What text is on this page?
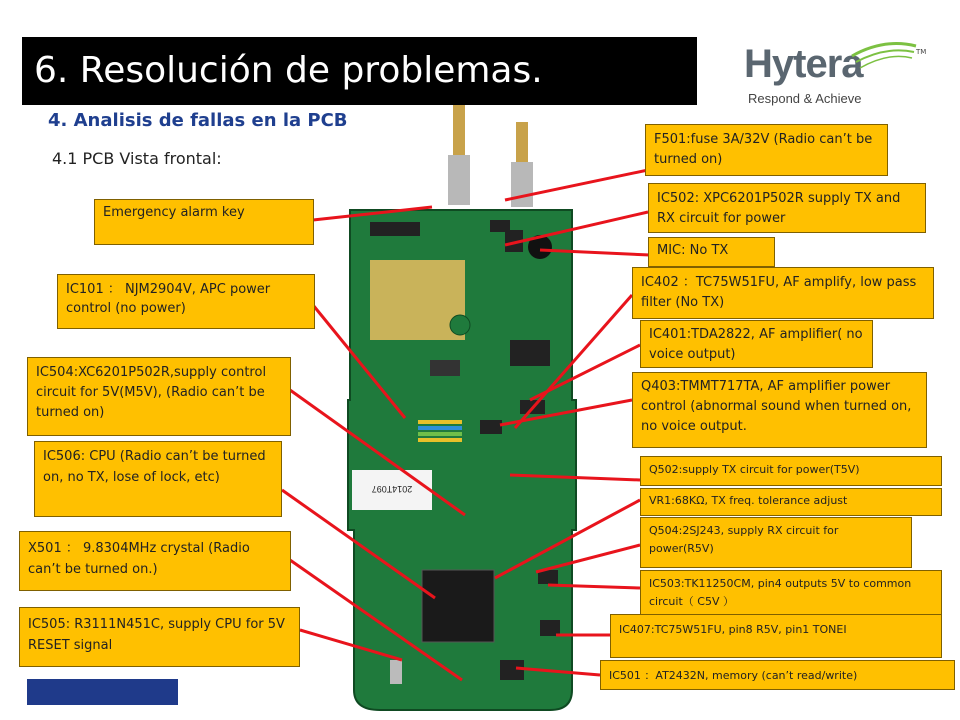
6. Resolución de problemas.	Hytera	TM
Respond & Achieve
4. Analisis de fallas en la PCB
4.1 PCB Vista frontal:
2014T097
Emergency alarm key
IC101 ： NJM2904V, APC power control (no power)
IC504:XC6201P502R,supply control circuit for 5V(M5V), (Radio can’t be turned on)
IC506: CPU (Radio can’t be turned on, no TX, lose of lock, etc)
X501 ： 9.8304MHz crystal (Radio can’t be turned on.)
IC505: R3111N451C, supply CPU for 5V RESET signal
F501:fuse 3A/32V (Radio can’t be turned on)
IC502: XPC6201P502R supply TX and RX circuit for power
MIC: No TX
IC402 ：TC75W51FU, AF amplify, low pass filter (No TX)
IC401:TDA2822, AF amplifier( no voice output)
Q403:TMMT717TA, AF amplifier power control (abnormal sound when turned on, no voice output.
Q502:supply TX circuit for power(T5V)
VR1:68KΩ, TX freq. tolerance adjust
Q504:2SJ243, supply RX circuit for power(R5V)
IC503:TK11250CM, pin4 outputs 5V to common circuit（ C5V ）
IC407:TC75W51FU, pin8 R5V, pin1 TONEI
IC501 ：AT2432N, memory (can’t read/write)
